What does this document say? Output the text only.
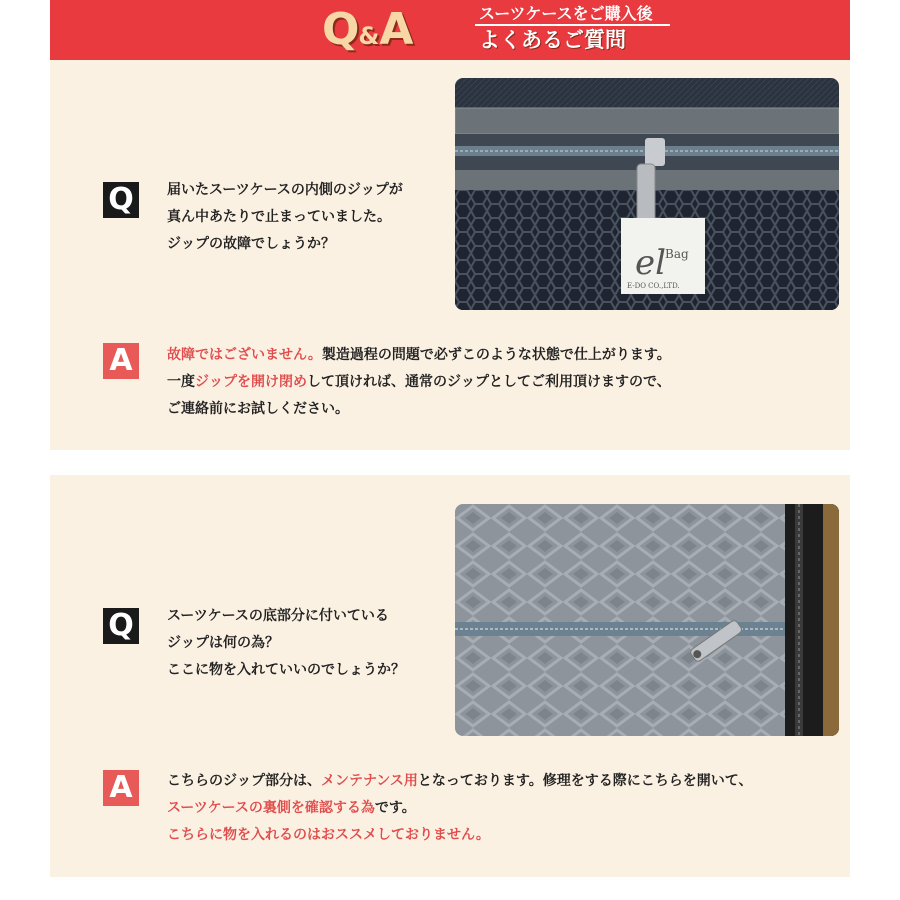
Q&A	スーツケースをご購入後
よくあるご質問
el Bag
E-DO CO.,LTD.
Q	届いたスーツケースの内側のジップが
真ん中あたりで止まっていました。
ジップの故障でしょうか？
A	故障ではございません。製造過程の問題で必ずこのような状態で仕上がります。
一度ジップを開け閉めして頂ければ、通常のジップとしてご利用頂けますので、
ご連絡前にお試しください。
Q	スーツケースの底部分に付いている
ジップは何の為？
ここに物を入れていいのでしょうか？
A	こちらのジップ部分は、メンテナンス用となっております。修理をする際にこちらを開いて、
スーツケースの裏側を確認する為です。
こちらに物を入れるのはおススメしておりません。
